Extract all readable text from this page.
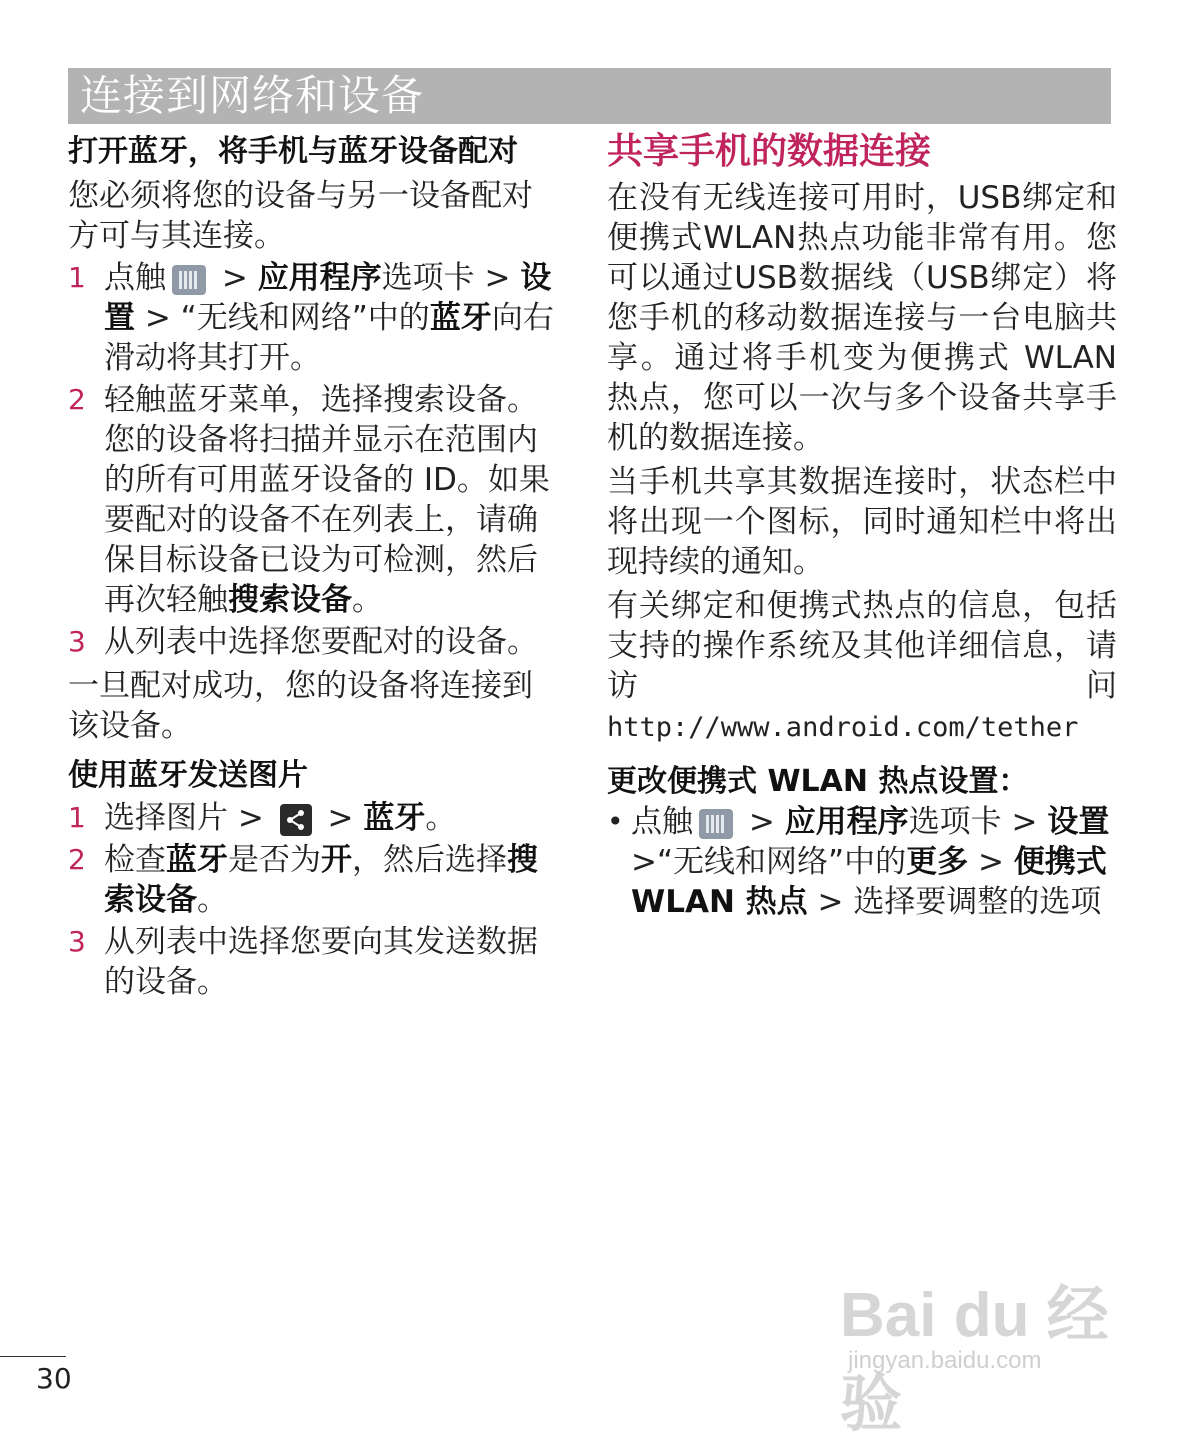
连接到网络和设备
打开蓝牙，将手机与蓝牙设备配对
您必须将您的设备与另一设备配对方可与其连接。
1 点触 > 应用程序选项卡 > 设置 > “无线和网络”中的蓝牙向右滑动将其打开。
2 轻触蓝牙菜单，选择搜索设备。您的设备将扫描并显示在范围内的所有可用蓝牙设备的 ID。如果要配对的设备不在列表上，请确保目标设备已设为可检测，然后再次轻触搜索设备。
3 从列表中选择您要配对的设备。
一旦配对成功，您的设备将连接到该设备。
使用蓝牙发送图片
1 选择图片 >
> 蓝牙。
2 检查蓝牙是否为开，然后选择搜索设备。
3 从列表中选择您要向其发送数据的设备。
共享手机的数据连接
在没有无线连接可用时，USB绑定和便携式WLAN热点功能非常有用。您可以通过USB数据线（USB绑定）将您手机的移动数据连接与一台电脑共享。通过将手机变为便携式 WLAN 热点，您可以一次与多个设备共享手机的数据连接。
当手机共享其数据连接时，状态栏中将出现一个图标，同时通知栏中将出现持续的通知。
有关绑定和便携式热点的信息，包括支持的操作系统及其他详细信息，请访问http://www.android.com/tether
更改便携式 WLAN 热点设置：
• 点触 > 应用程序选项卡 > 设置 >“无线和网络”中的更多 > 便携式 WLAN 热点 > 选择要调整的选项
Bai du 经验
jingyan.baidu.com
30
